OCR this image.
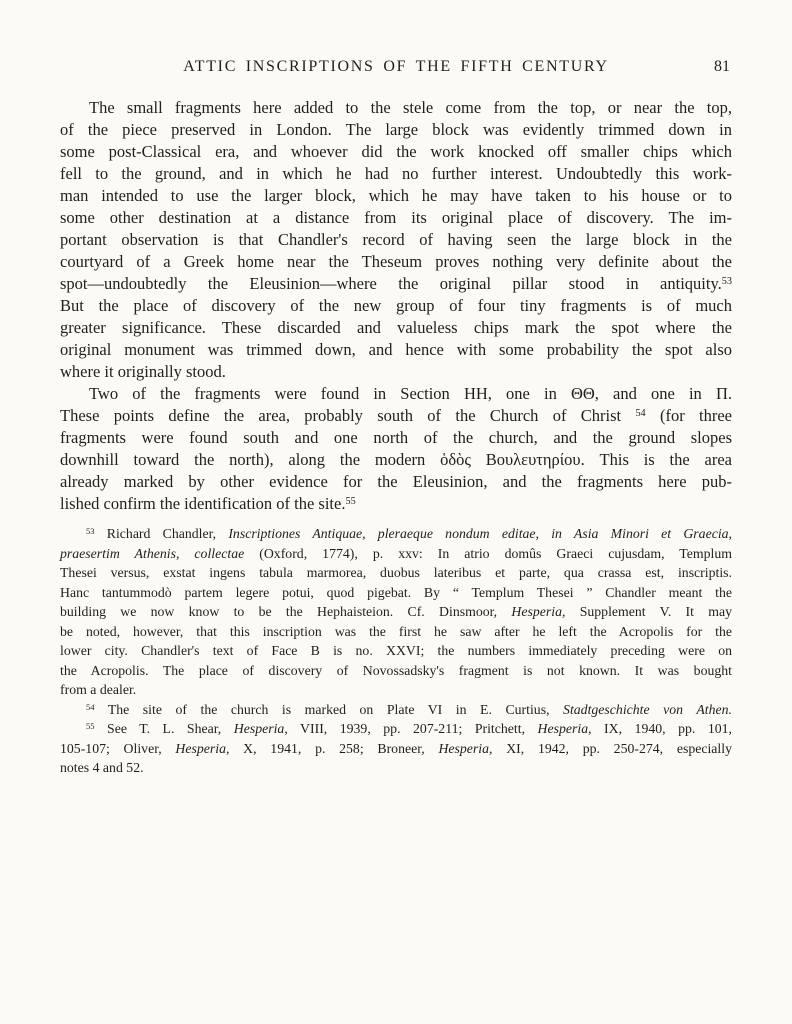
ATTIC INSCRIPTIONS OF THE FIFTH CENTURY	81
The small fragments here added to the stele come from the top, or near the top,
of the piece preserved in London. The large block was evidently trimmed down in
some post-Classical era, and whoever did the work knocked off smaller chips which
fell to the ground, and in which he had no further interest. Undoubtedly this work-
man intended to use the larger block, which he may have taken to his house or to
some other destination at a distance from its original place of discovery. The im-
portant observation is that Chandler's record of having seen the large block in the
courtyard of a Greek home near the Theseum proves nothing very definite about the
spot—undoubtedly the Eleusinion—where the original pillar stood in antiquity.$^{53}$
But the place of discovery of the new group of four tiny fragments is of much
greater significance. These discarded and valueless chips mark the spot where the
original monument was trimmed down, and hence with some probability the spot also
where it originally stood.
Two of the fragments were found in Section HH, one in ΘΘ, and one in Π.
These points define the area, probably south of the Church of Christ $^{54}$ (for three
fragments were found south and one north of the church, and the ground slopes
downhill toward the north), along the modern ὁδὸς Βουλευτηρίου. This is the area
already marked by other evidence for the Eleusinion, and the fragments here pub-
lished confirm the identification of the site.$^{55}$
$^{53}$ Richard Chandler, Inscriptiones Antiquae, pleraeque nondum editae, in Asia Minori et Graecia,
praesertim Athenis, collectae (Oxford, 1774), p. xxv: In atrio domûs Graeci cujusdam, Templum
Thesei versus, exstat ingens tabula marmorea, duobus lateribus et parte, qua crassa est, inscriptis.
Hanc tantummodò partem legere potui, quod pigebat. By “ Templum Thesei ” Chandler meant the
building we now know to be the Hephaisteion. Cf. Dinsmoor, Hesperia, Supplement V. It may
be noted, however, that this inscription was the first he saw after he left the Acropolis for the
lower city. Chandler's text of Face B is no. XXVI; the numbers immediately preceding were on
the Acropolis. The place of discovery of Novossadsky's fragment is not known. It was bought
from a dealer.
$^{54}$ The site of the church is marked on Plate VI in E. Curtius, Stadtgeschichte von Athen.
$^{55}$ See T. L. Shear, Hesperia, VIII, 1939, pp. 207-211; Pritchett, Hesperia, IX, 1940, pp. 101,
105-107; Oliver, Hesperia, X, 1941, p. 258; Broneer, Hesperia, XI, 1942, pp. 250-274, especially
notes 4 and 52.
